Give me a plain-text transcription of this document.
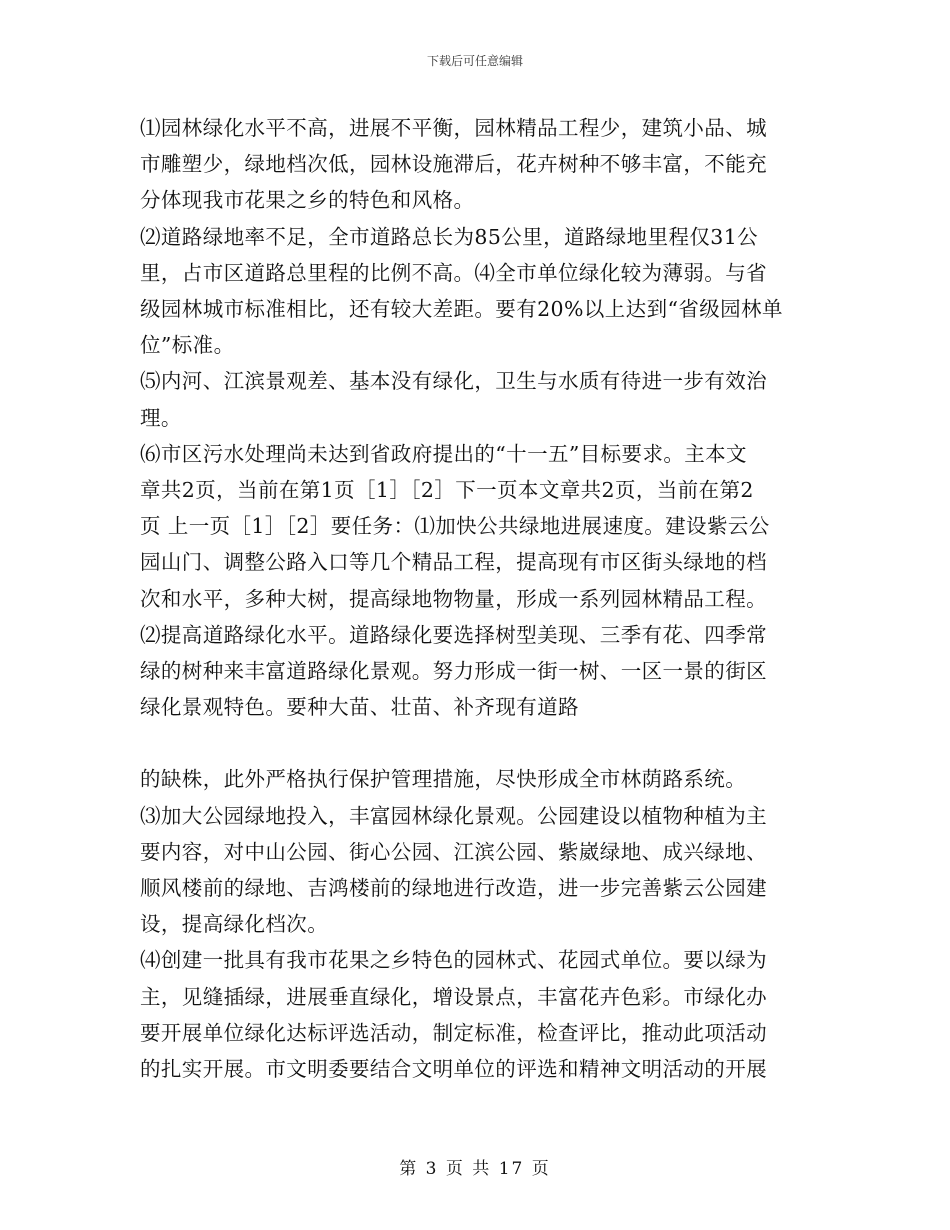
下载后可任意编辑

⑴园林绿化水平不高，进展不平衡，园林精品工程少，建筑小品、城

市雕塑少，绿地档次低，园林设施滞后，花卉树种不够丰富，不能充

分体现我市花果之乡的特色和风格。

⑵道路绿地率不足，全市道路总长为85公里，道路绿地里程仅31公

里，占市区道路总里程的比例不高。⑷全市单位绿化较为薄弱。与省

级园林城市标准相比，还有较大差距。要有20%以上达到“省级园林单

位”标准。

⑸内河、江滨景观差、基本没有绿化，卫生与水质有待进一步有效治

理。

⑹市区污水处理尚未达到省政府提出的“十一五”目标要求。主本文

章共2页，当前在第1页［1］［2］下一页本文章共2页，当前在第2

页 上一页［1］［2］要任务：⑴加快公共绿地进展速度。建设紫云公

园山门、调整公路入口等几个精品工程，提高现有市区街头绿地的档

次和水平，多种大树，提高绿地物物量，形成一系列园林精品工程。

⑵提高道路绿化水平。道路绿化要选择树型美现、三季有花、四季常

绿的树种来丰富道路绿化景观。努力形成一街一树、一区一景的街区

绿化景观特色。要种大苗、壮苗、补齐现有道路

的缺株，此外严格执行保护管理措施，尽快形成全市林荫路系统。

⑶加大公园绿地投入，丰富园林绿化景观。公园建设以植物种植为主

要内容，对中山公园、街心公园、江滨公园、紫崴绿地、成兴绿地、

顺风楼前的绿地、吉鸿楼前的绿地进行改造，进一步完善紫云公园建

设，提高绿化档次。

⑷创建一批具有我市花果之乡特色的园林式、花园式单位。要以绿为

主，见缝插绿，进展垂直绿化，增设景点，丰富花卉色彩。市绿化办

要开展单位绿化达标评选活动，制定标准，检查评比，推动此项活动

的扎实开展。市文明委要结合文明单位的评选和精神文明活动的开展

第 3 页 共 17 页
